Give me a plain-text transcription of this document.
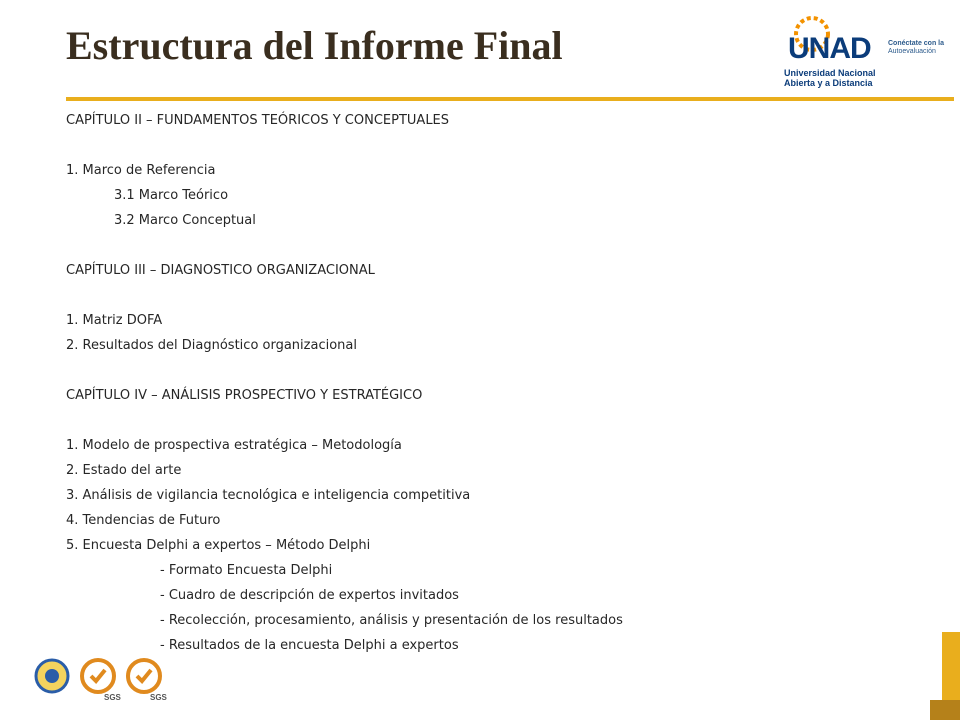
Estructura del Informe Final	UNAD
Universidad Nacional
Abierta y a Distancia
Conéctate con la
Autoevaluación
CAPÍTULO II – FUNDAMENTOS TEÓRICOS Y CONCEPTUALES
1. Marco de Referencia
3.1 Marco Teórico
3.2 Marco Conceptual
CAPÍTULO III – DIAGNOSTICO ORGANIZACIONAL
1. Matriz DOFA
2. Resultados del Diagnóstico organizacional
CAPÍTULO IV – ANÁLISIS PROSPECTIVO Y ESTRATÉGICO
1. Modelo de prospectiva estratégica – Metodología
2. Estado del arte
3. Análisis de vigilancia tecnológica e inteligencia competitiva
4. Tendencias de Futuro
5. Encuesta Delphi a expertos – Método Delphi
- Formato Encuesta Delphi
- Cuadro de descripción de expertos invitados
- Recolección, procesamiento, análisis y presentación de los resultados
- Resultados de la encuesta Delphi a expertos
SGS	SGS
